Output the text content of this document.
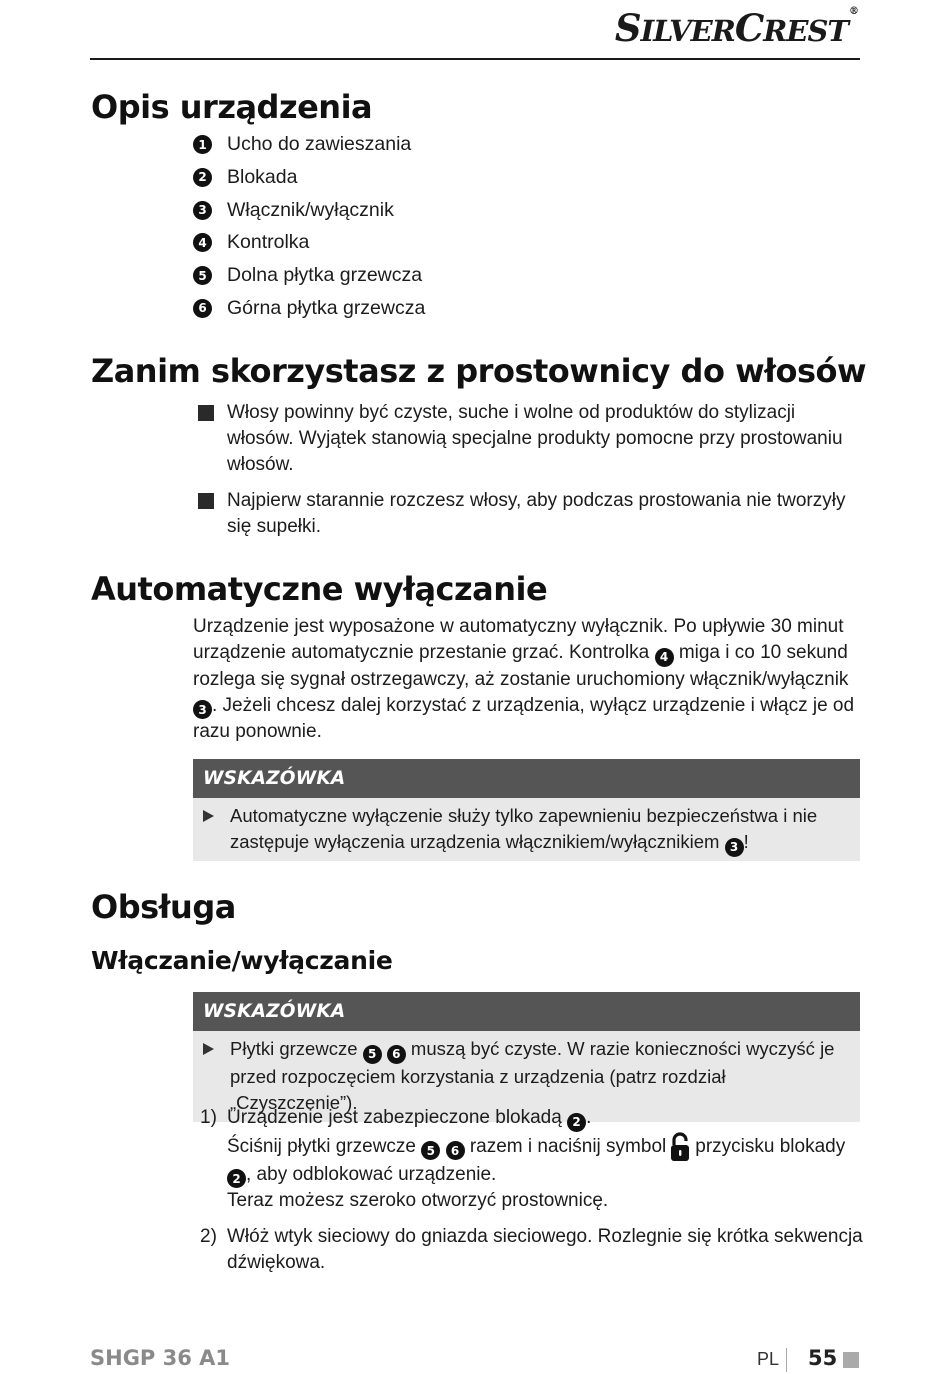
SILVERCREST®
Opis urządzenia
1 Ucho do zawieszania
2 Blokada
3 Włącznik/wyłącznik
4 Kontrolka
5 Dolna płytka grzewcza
6 Górna płytka grzewcza
Zanim skorzystasz z prostownicy do włosów
Włosy powinny być czyste, suche i wolne od produktów do stylizacji włosów. Wyjątek stanowią specjalne produkty pomocne przy prostowaniu włosów.
Najpierw starannie rozczesz włosy, aby podczas prostowania nie tworzyły się supełki.
Automatyczne wyłączanie

Urządzenie jest wyposażone w automatyczny wyłącznik. Po upływie 30 minut urządzenie automatycznie przestanie grzać. Kontrolka 4 miga i co 10 sekund rozlega się sygnał ostrzegawczy, aż zostanie uruchomiony włącznik/wyłącznik 3 . Jeżeli chcesz dalej korzystać z urządzenia, wyłącz urządzenie i włącz je od razu ponownie.

WSKAZÓWKA
Automatyczne wyłączenie służy tylko zapewnieniu bezpieczeństwa i nie zastępuje wyłączenia urządzenia włącznikiem/wyłącznikiem 3 !
Obsługa
Włączanie/wyłączanie
WSKAZÓWKA
Płytki grzewcze 5 6 muszą być czyste. W razie konieczności wyczyść je przed rozpoczęciem korzystania z urządzenia (patrz rozdział „Czyszczenie”).
1) Urządzenie jest zabezpieczone blokadą 2 .
Ściśnij płytki grzewcze 5 6 razem i naciśnij symbol przycisku blokady 2 , aby odblokować urządzenie.
Teraz możesz szeroko otworzyć prostownicę.
2) Włóż wtyk sieciowy do gniazda sieciowego. Rozlegnie się krótka sekwencja dźwiękowa.
SHGP 36 A1	PL 55
